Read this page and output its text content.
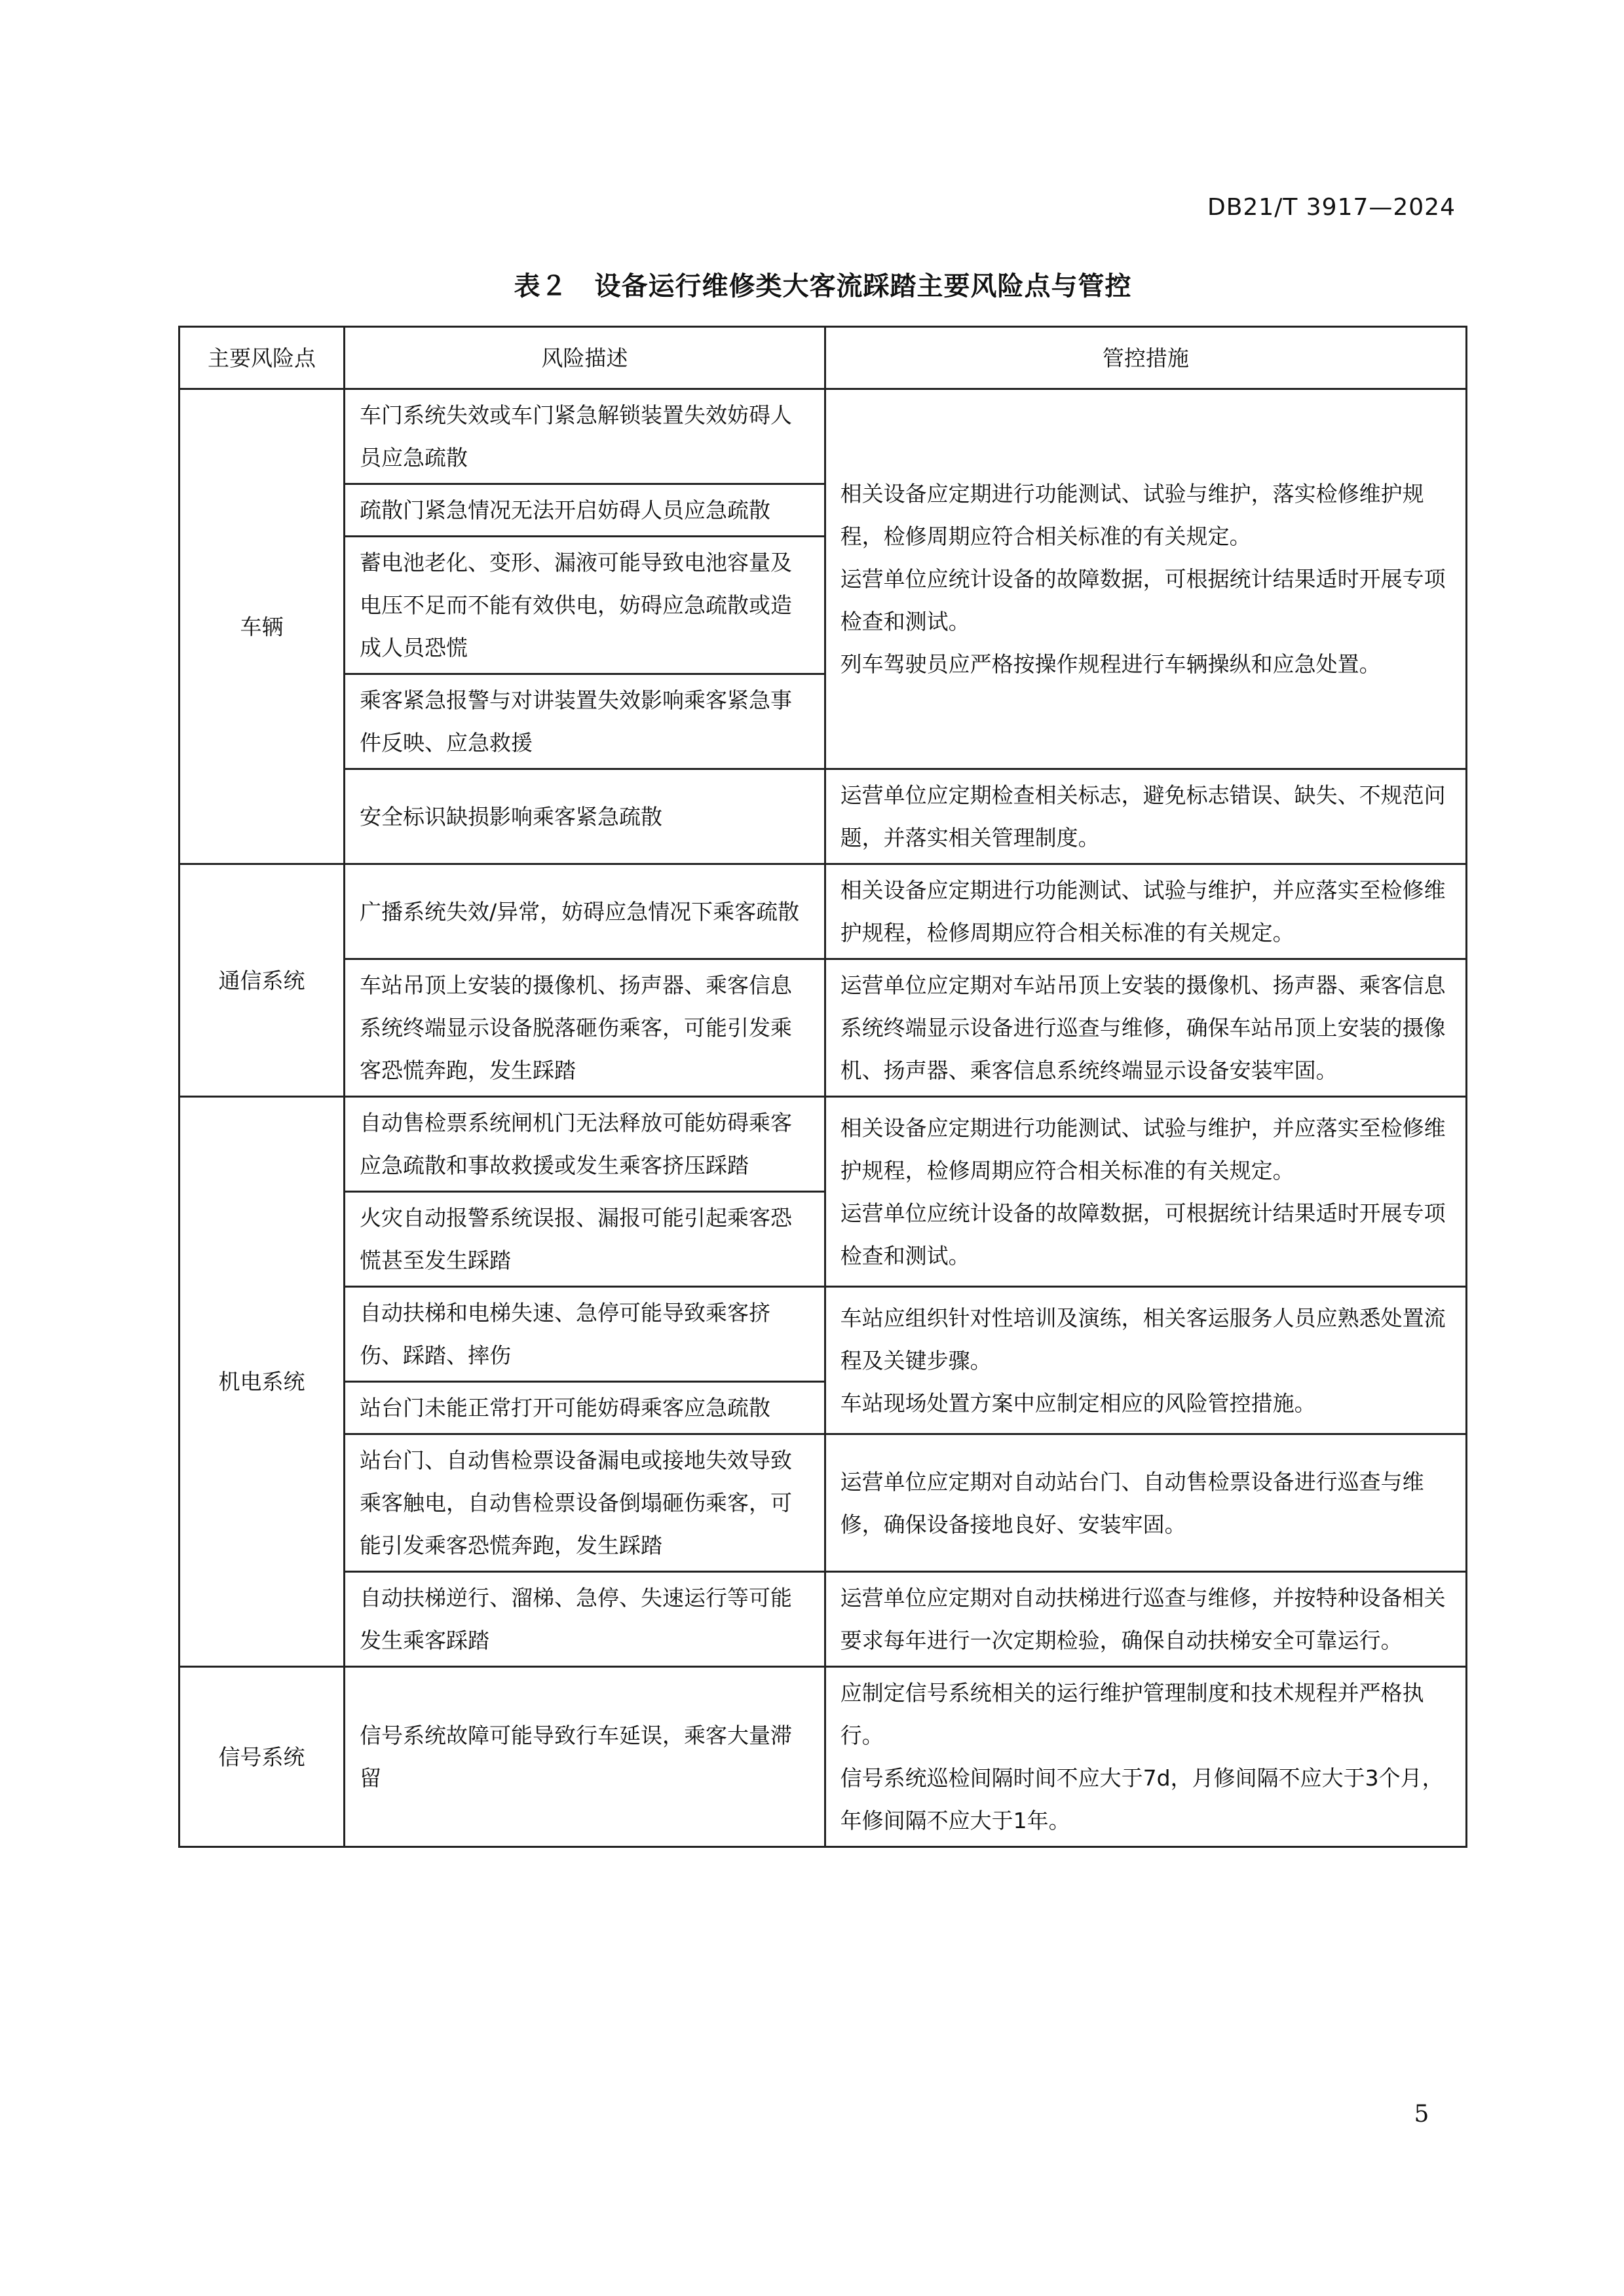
DB21/T 3917—2024
表２　设备运行维修类大客流踩踏主要风险点与管控
主要风险点	风险描述	管控措施
车辆	车门系统失效或车门紧急解锁装置失效妨碍人员应急疏散	相关设备应定期进行功能测试、试验与维护，落实检修维护规程，检修周期应符合相关标准的有关规定。
运营单位应统计设备的故障数据，可根据统计结果适时开展专项检查和测试。
列车驾驶员应严格按操作规程进行车辆操纵和应急处置。

	疏散门紧急情况无法开启妨碍人员应急疏散	
	蓄电池老化、变形、漏液可能导致电池容量及电压不足而不能有效供电，妨碍应急疏散或造成人员恐慌	
	乘客紧急报警与对讲装置失效影响乘客紧急事件反映、应急救援	
	安全标识缺损影响乘客紧急疏散	运营单位应定期检查相关标志，避免标志错误、缺失、不规范问题，并落实相关管理制度。

通信系统	广播系统失效/异常，妨碍应急情况下乘客疏散	相关设备应定期进行功能测试、试验与维护，并应落实至检修维护规程，检修周期应符合相关标准的有关规定。

	车站吊顶上安装的摄像机、扬声器、乘客信息系统终端显示设备脱落砸伤乘客，可能引发乘客恐慌奔跑，发生踩踏	运营单位应定期对车站吊顶上安装的摄像机、扬声器、乘客信息系统终端显示设备进行巡查与维修，确保车站吊顶上安装的摄像机、扬声器、乘客信息系统终端显示设备安装牢固。

机电系统	自动售检票系统闸机门无法释放可能妨碍乘客应急疏散和事故救援或发生乘客挤压踩踏	相关设备应定期进行功能测试、试验与维护，并应落实至检修维护规程，检修周期应符合相关标准的有关规定。
运营单位应统计设备的故障数据，可根据统计结果适时开展专项检查和测试。

	火灾自动报警系统误报、漏报可能引起乘客恐慌甚至发生踩踏	
	自动扶梯和电梯失速、急停可能导致乘客挤伤、踩踏、摔伤	车站应组织针对性培训及演练，相关客运服务人员应熟悉处置流程及关键步骤。
车站现场处置方案中应制定相应的风险管控措施。

	站台门未能正常打开可能妨碍乘客应急疏散	
	站台门、自动售检票设备漏电或接地失效导致乘客触电，自动售检票设备倒塌砸伤乘客，可能引发乘客恐慌奔跑，发生踩踏	运营单位应定期对自动站台门、自动售检票设备进行巡查与维修，确保设备接地良好、安装牢固。

	自动扶梯逆行、溜梯、急停、失速运行等可能发生乘客踩踏	运营单位应定期对自动扶梯进行巡查与维修，并按特种设备相关要求每年进行一次定期检验，确保自动扶梯安全可靠运行。

信号系统	信号系统故障可能导致行车延误，乘客大量滞留	应制定信号系统相关的运行维护管理制度和技术规程并严格执行。
信号系统巡检间隔时间不应大于7d，月修间隔不应大于3个月，年修间隔不应大于1年。
5
